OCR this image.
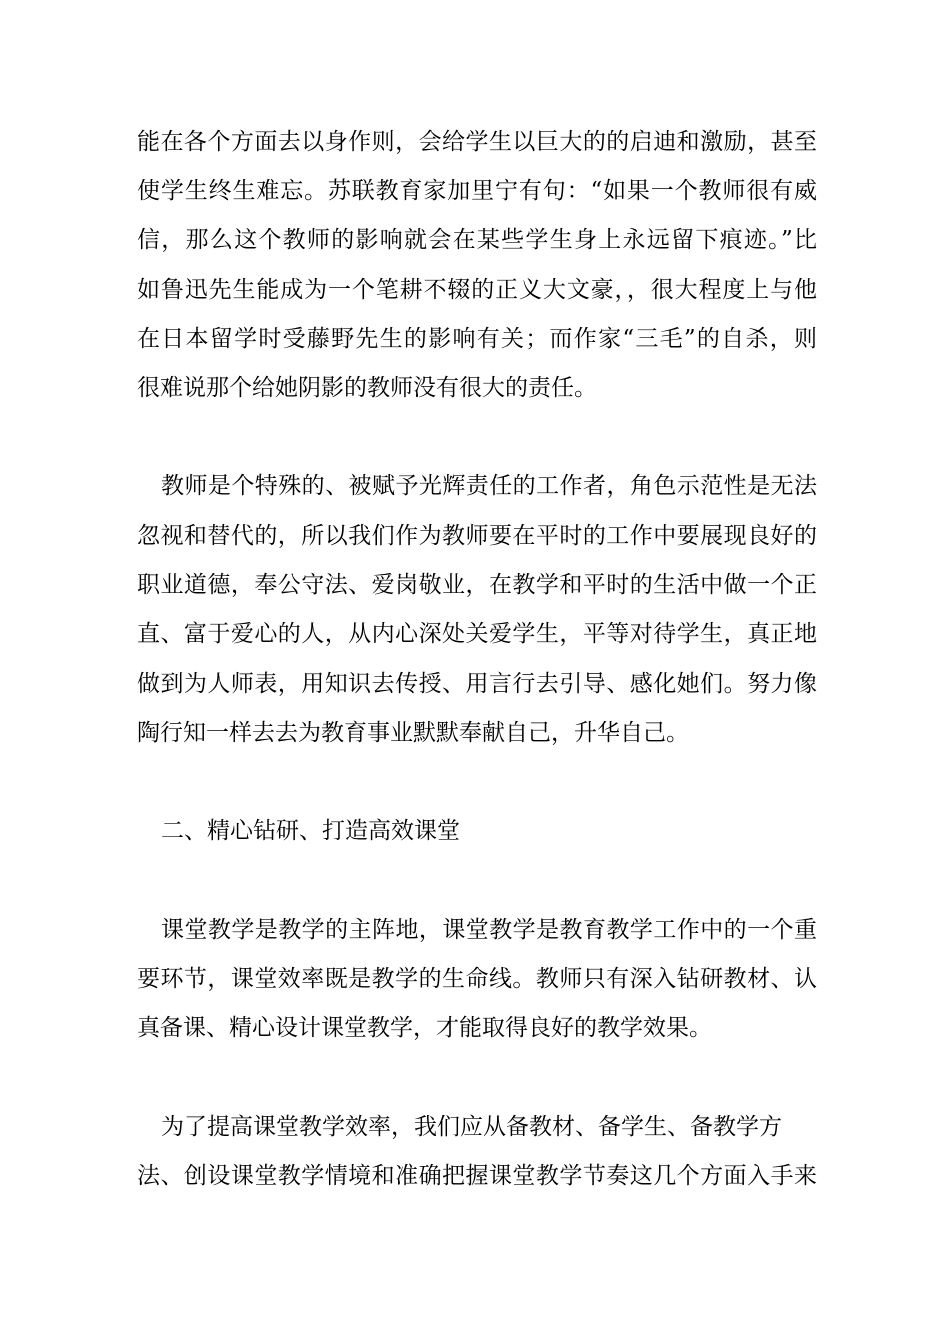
能在各个方面去以身作则，会给学生以巨大的的启迪和激励，甚至
使学生终生难忘。苏联教育家加里宁有句：“如果一个教师很有威
信，那么这个教师的影响就会在某些学生身上永远留下痕迹。”比
如鲁迅先生能成为一个笔耕不辍的正义大文豪，，很大程度上与他
在日本留学时受藤野先生的影响有关；而作家“三毛”的自杀，则
很难说那个给她阴影的教师没有很大的责任。
教师是个特殊的、被赋予光辉责任的工作者，角色示范性是无法
忽视和替代的，所以我们作为教师要在平时的工作中要展现良好的
职业道德，奉公守法、爱岗敬业，在教学和平时的生活中做一个正
直、富于爱心的人，从内心深处关爱学生，平等对待学生，真正地
做到为人师表，用知识去传授、用言行去引导、感化她们。努力像
陶行知一样去去为教育事业默默奉献自己，升华自己。
二、精心钻研、打造高效课堂
课堂教学是教学的主阵地，课堂教学是教育教学工作中的一个重
要环节，课堂效率既是教学的生命线。教师只有深入钻研教材、认
真备课、精心设计课堂教学，才能取得良好的教学效果。
为了提高课堂教学效率，我们应从备教材、备学生、备教学方
法、创设课堂教学情境和准确把握课堂教学节奏这几个方面入手来
